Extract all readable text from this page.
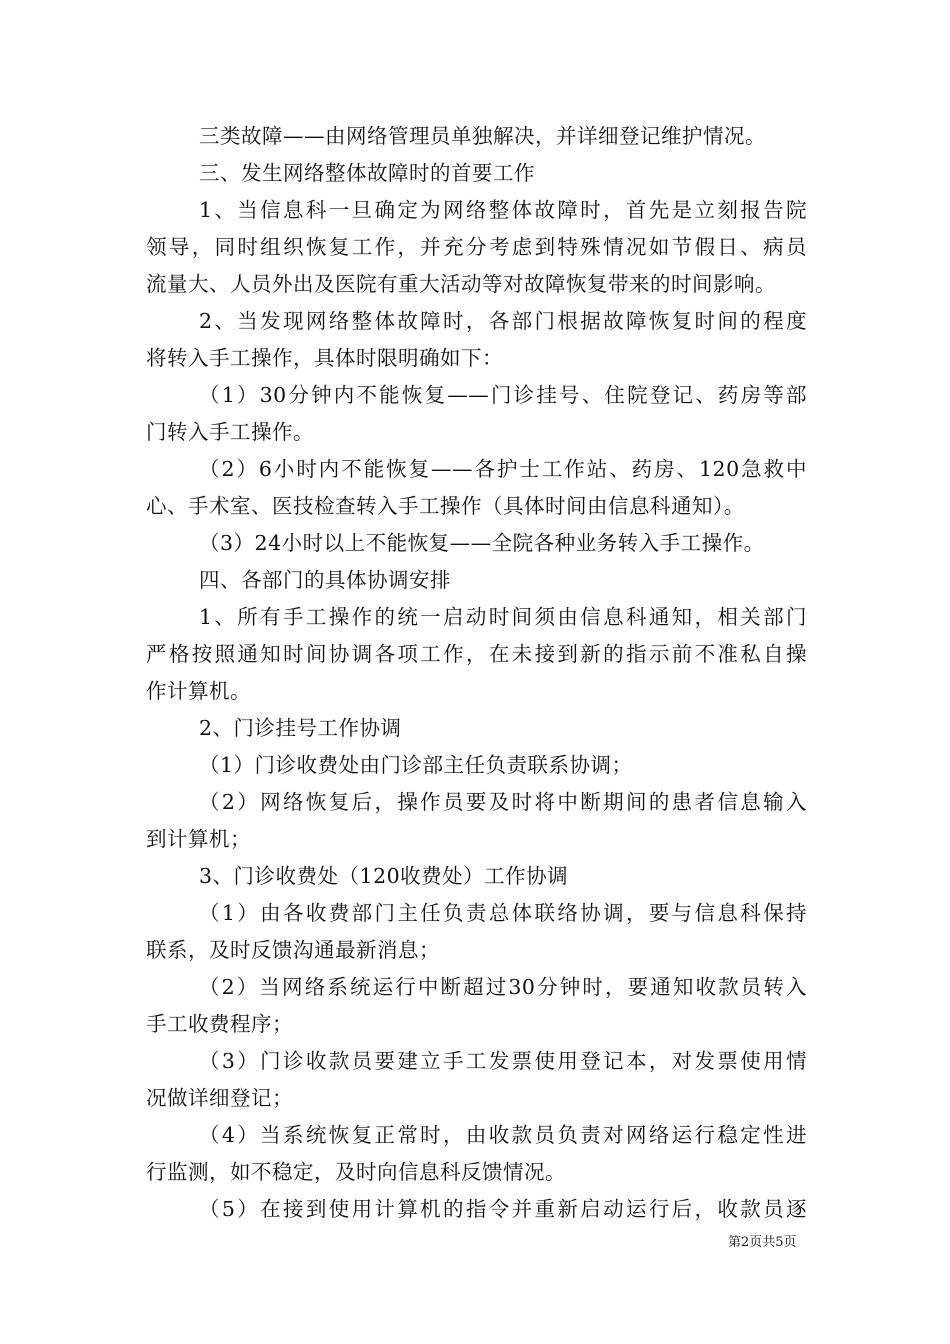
三类故障——由网络管理员单独解决，并详细登记维护情况。
三、发生网络整体故障时的首要工作
1、当信息科一旦确定为网络整体故障时，首先是立刻报告院
领导，同时组织恢复工作，并充分考虑到特殊情况如节假日、病员
流量大、人员外出及医院有重大活动等对故障恢复带来的时间影响。
2、当发现网络整体故障时，各部门根据故障恢复时间的程度
将转入手工操作，具体时限明确如下：
（1）30分钟内不能恢复——门诊挂号、住院登记、药房等部
门转入手工操作。
（2）6小时内不能恢复——各护士工作站、药房、120急救中
心、手术室、医技检查转入手工操作（具体时间由信息科通知）。
（3）24小时以上不能恢复——全院各种业务转入手工操作。
四、各部门的具体协调安排
1、所有手工操作的统一启动时间须由信息科通知，相关部门
严格按照通知时间协调各项工作，在未接到新的指示前不准私自操
作计算机。
2、门诊挂号工作协调
（1）门诊收费处由门诊部主任负责联系协调；
（2）网络恢复后，操作员要及时将中断期间的患者信息输入
到计算机；
3、门诊收费处（120收费处）工作协调
（1）由各收费部门主任负责总体联络协调，要与信息科保持
联系，及时反馈沟通最新消息；
（2）当网络系统运行中断超过30分钟时，要通知收款员转入
手工收费程序；
（3）门诊收款员要建立手工发票使用登记本，对发票使用情
况做详细登记；
（4）当系统恢复正常时，由收款员负责对网络运行稳定性进
行监测，如不稳定，及时向信息科反馈情况。
（5）在接到使用计算机的指令并重新启动运行后，收款员逐
第2页共5页
